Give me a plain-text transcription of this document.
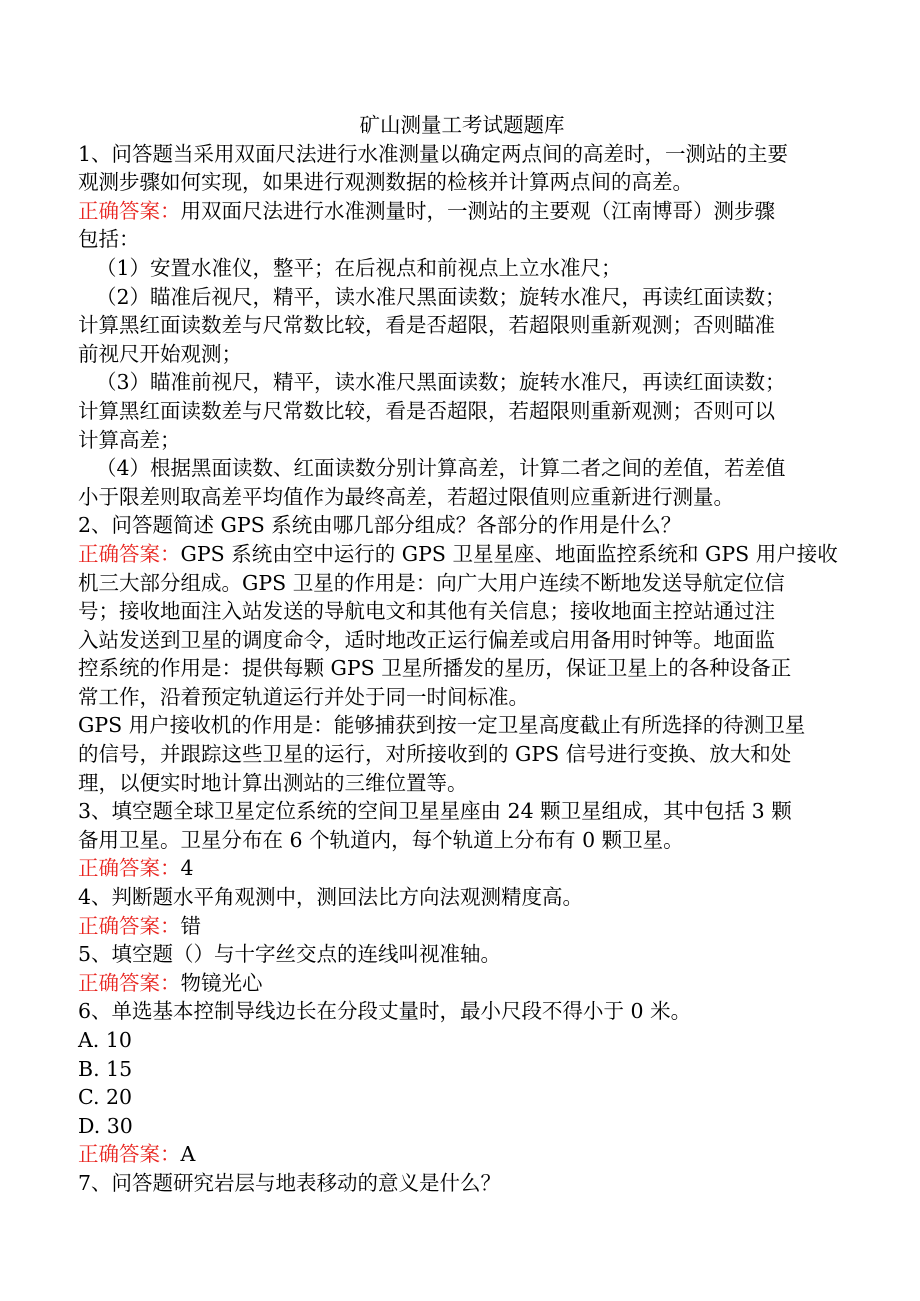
矿山测量工考试题题库

1、问答题当采用双面尺法进行水准测量以确定两点间的高差时，一测站的主要

观测步骤如何实现，如果进行观测数据的检核并计算两点间的高差。

正确答案：用双面尺法进行水准测量时，一测站的主要观（江南博哥）测步骤

包括：

（1）安置水准仪，整平；在后视点和前视点上立水准尺；

（2）瞄准后视尺，精平，读水准尺黑面读数；旋转水准尺，再读红面读数；

计算黑红面读数差与尺常数比较，看是否超限，若超限则重新观测；否则瞄准

前视尺开始观测；

（3）瞄准前视尺，精平，读水准尺黑面读数；旋转水准尺，再读红面读数；

计算黑红面读数差与尺常数比较，看是否超限，若超限则重新观测；否则可以

计算高差；

（4）根据黑面读数、红面读数分别计算高差，计算二者之间的差值，若差值

小于限差则取高差平均值作为最终高差，若超过限值则应重新进行测量。

2、问答题简述 GPS 系统由哪几部分组成？各部分的作用是什么？

正确答案：GPS 系统由空中运行的 GPS 卫星星座、地面监控系统和 GPS 用户接收

机三大部分组成。GPS 卫星的作用是：向广大用户连续不断地发送导航定位信

号；接收地面注入站发送的导航电文和其他有关信息；接收地面主控站通过注

入站发送到卫星的调度命令，适时地改正运行偏差或启用备用时钟等。地面监

控系统的作用是：提供每颗 GPS 卫星所播发的星历，保证卫星上的各种设备正

常工作，沿着预定轨道运行并处于同一时间标准。

GPS 用户接收机的作用是：能够捕获到按一定卫星高度截止有所选择的待测卫星

的信号，并跟踪这些卫星的运行，对所接收到的 GPS 信号进行变换、放大和处

理，以便实时地计算出测站的三维位置等。

3、填空题全球卫星定位系统的空间卫星星座由 24 颗卫星组成，其中包括 3 颗

备用卫星。卫星分布在 6 个轨道内，每个轨道上分布有 0 颗卫星。

正确答案：4

4、判断题水平角观测中，测回法比方向法观测精度高。

正确答案：错

5、填空题（）与十字丝交点的连线叫视准轴。

正确答案：物镜光心

6、单选基本控制导线边长在分段丈量时，最小尺段不得小于 0 米。

A. 10

B. 15

C. 20

D. 30

正确答案：A

7、问答题研究岩层与地表移动的意义是什么？
